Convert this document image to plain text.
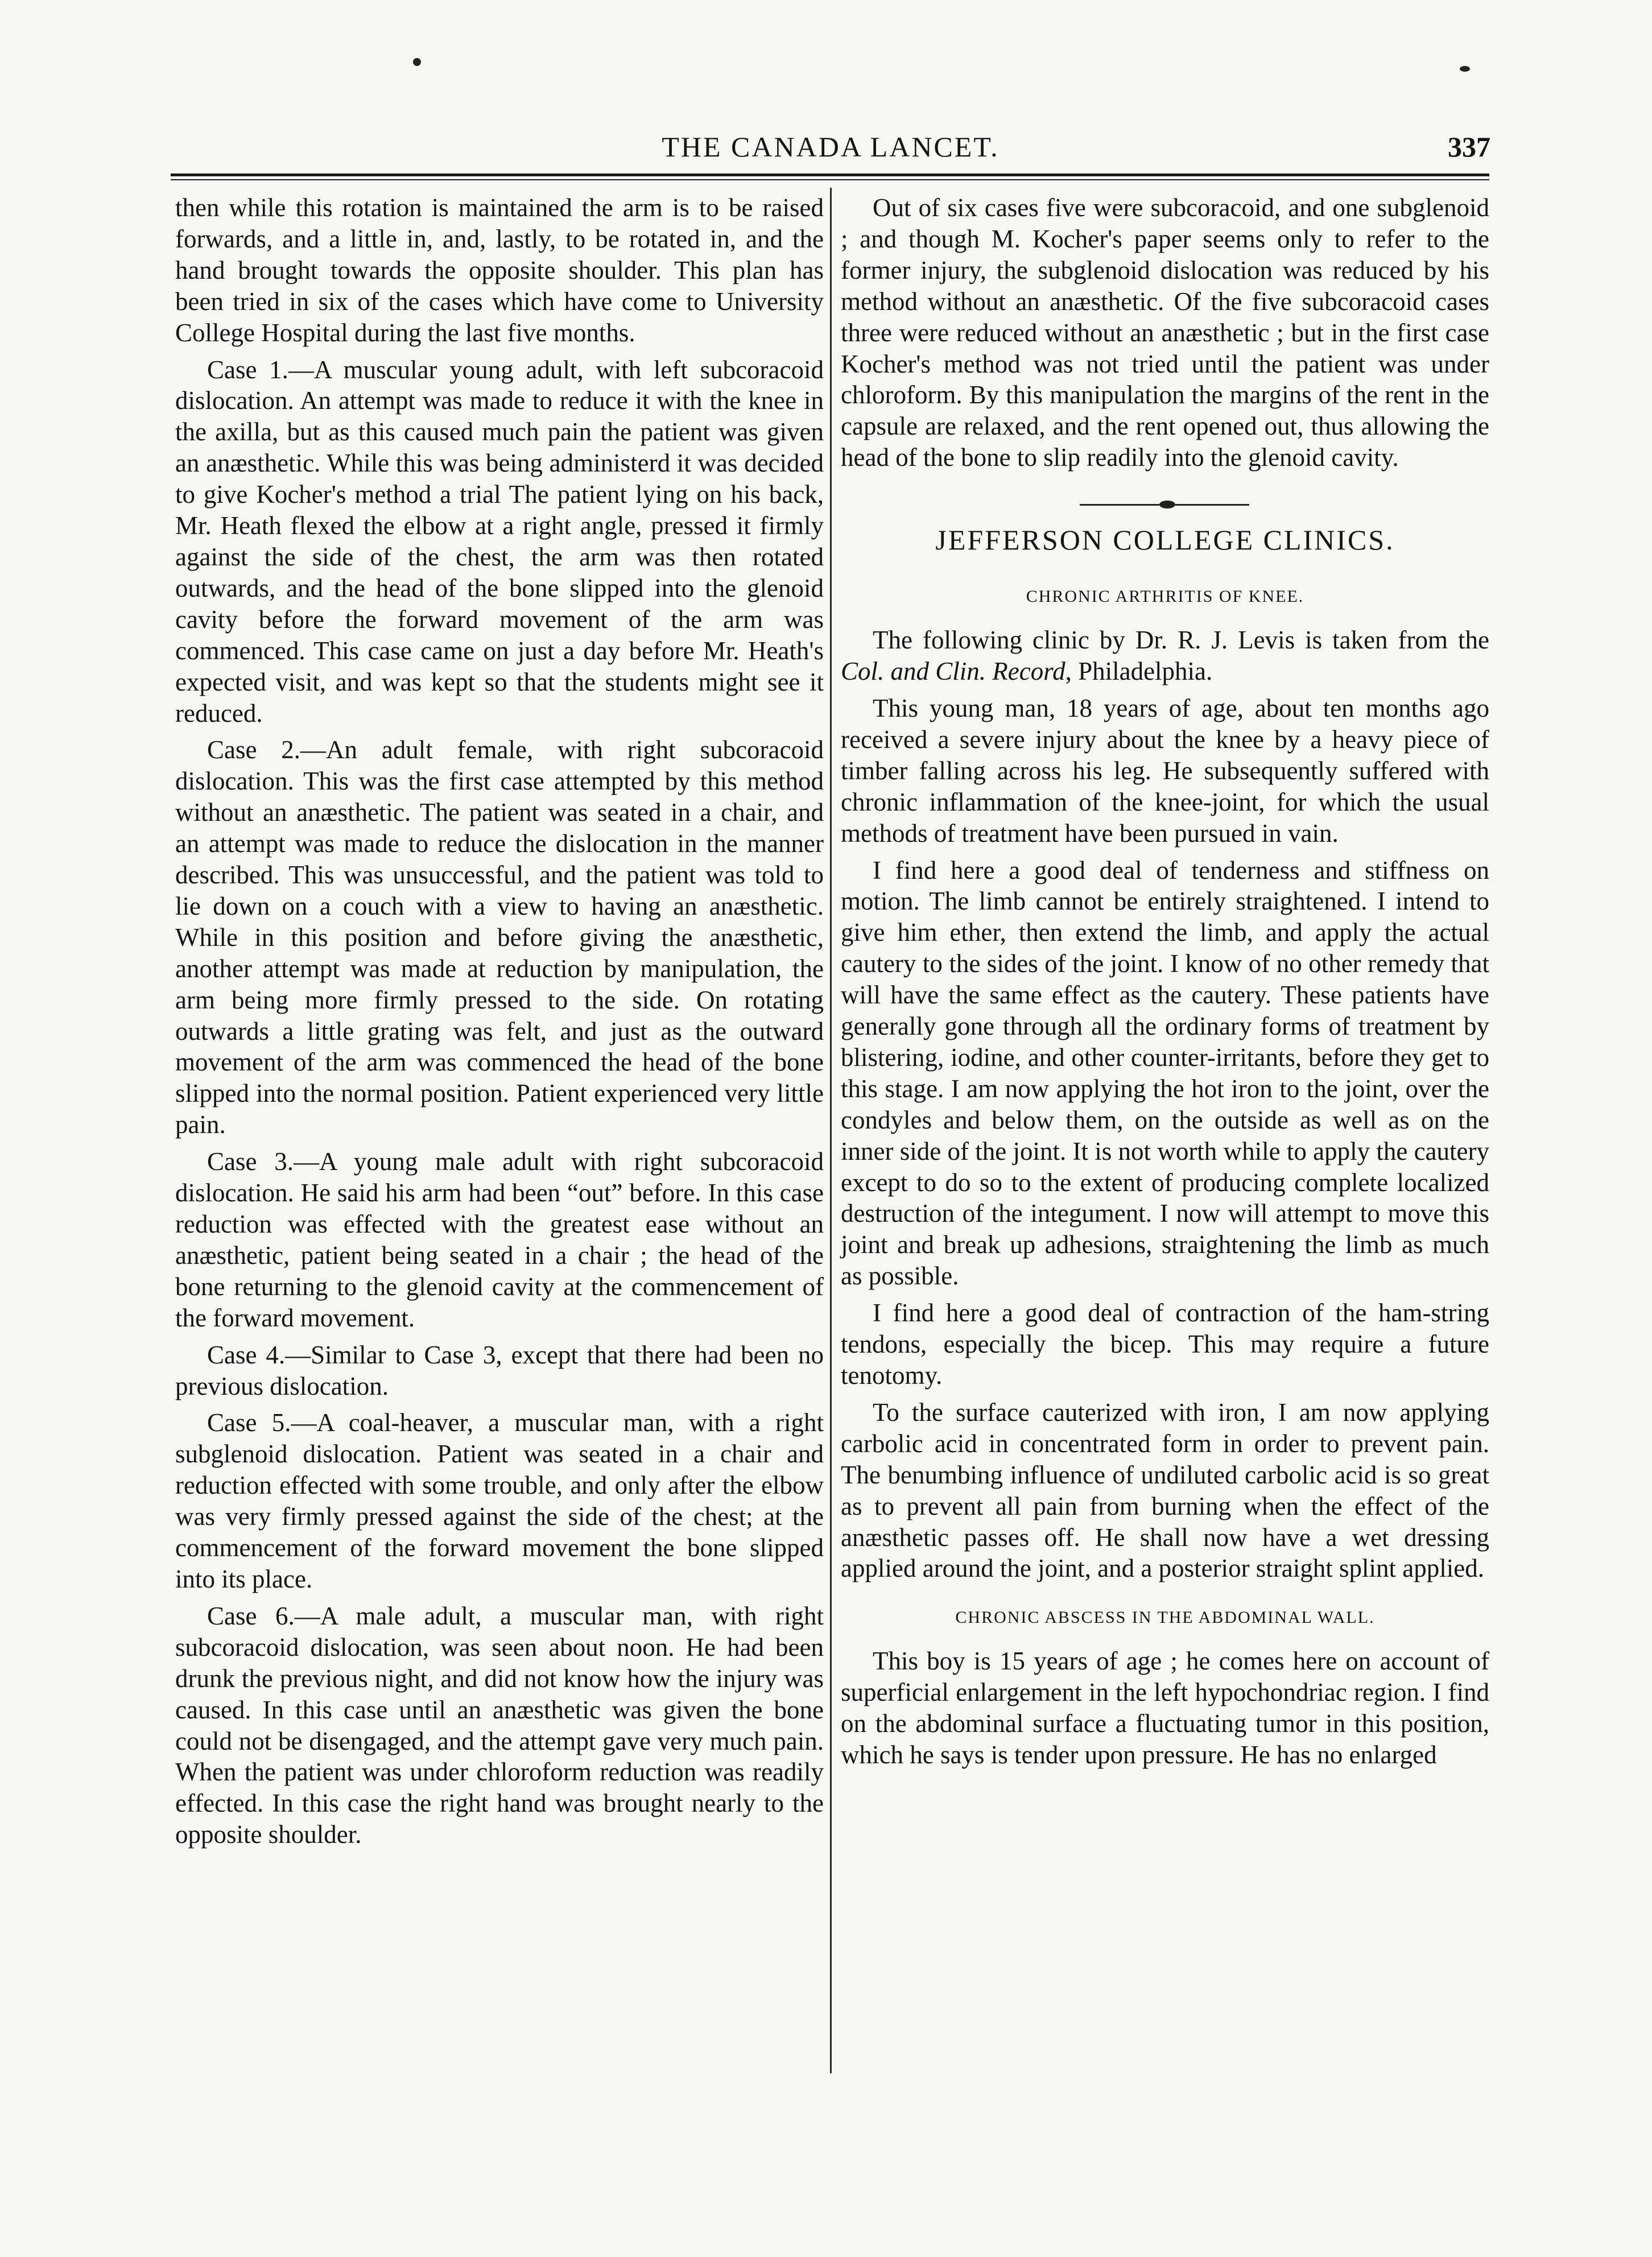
THE CANADA LANCET.	337

then while this rotation is maintained the arm is to be raised forwards, and a little in, and, lastly, to be rotated in, and the hand brought towards the opposite shoulder. This plan has been tried in six of the cases which have come to University College Hospital during the last five months.

Case 1.—A muscular young adult, with left subcoracoid dislocation. An attempt was made to reduce it with the knee in the axilla, but as this caused much pain the patient was given an anæsthetic. While this was being administerd it was decided to give Kocher's method a trial The patient lying on his back, Mr. Heath flexed the elbow at a right angle, pressed it firmly against the side of the chest, the arm was then rotated outwards, and the head of the bone slipped into the glenoid cavity before the forward movement of the arm was commenced. This case came on just a day before Mr. Heath's expected visit, and was kept so that the students might see it reduced.

Case 2.—An adult female, with right subcoracoid dislocation. This was the first case attempted by this method without an anæsthetic. The patient was seated in a chair, and an attempt was made to reduce the dislocation in the manner described. This was unsuccessful, and the patient was told to lie down on a couch with a view to having an anæsthetic. While in this position and before giving the anæsthetic, another attempt was made at reduction by manipulation, the arm being more firmly pressed to the side. On rotating outwards a little grating was felt, and just as the outward movement of the arm was commenced the head of the bone slipped into the normal position. Patient experienced very little pain.

Case 3.—A young male adult with right subcoracoid dislocation. He said his arm had been “out” before. In this case reduction was effected with the greatest ease without an anæsthetic, patient being seated in a chair ; the head of the bone returning to the glenoid cavity at the commencement of the forward movement.

Case 4.—Similar to Case 3, except that there had been no previous dislocation.

Case 5.—A coal-heaver, a muscular man, with a right subglenoid dislocation. Patient was seated in a chair and reduction effected with some trouble, and only after the elbow was very firmly pressed against the side of the chest; at the commencement of the forward movement the bone slipped into its place.

Case 6.—A male adult, a muscular man, with right subcoracoid dislocation, was seen about noon. He had been drunk the previous night, and did not know how the injury was caused. In this case until an anæsthetic was given the bone could not be disengaged, and the attempt gave very much pain. When the patient was under chloroform reduction was readily effected. In this case the right hand was brought nearly to the opposite shoulder.

Out of six cases five were subcoracoid, and one subglenoid ; and though M. Kocher's paper seems only to refer to the former injury, the subglenoid dislocation was reduced by his method without an anæsthetic. Of the five subcoracoid cases three were reduced without an anæsthetic ; but in the first case Kocher's method was not tried until the patient was under chloroform. By this manipulation the margins of the rent in the capsule are relaxed, and the rent opened out, thus allowing the head of the bone to slip readily into the glenoid cavity.

JEFFERSON COLLEGE CLINICS.
CHRONIC ARTHRITIS OF KNEE.

The following clinic by Dr. R. J. Levis is taken from the Col. and Clin. Record, Philadelphia.

This young man, 18 years of age, about ten months ago received a severe injury about the knee by a heavy piece of timber falling across his leg. He subsequently suffered with chronic inflammation of the knee-joint, for which the usual methods of treatment have been pursued in vain.

I find here a good deal of tenderness and stiffness on motion. The limb cannot be entirely straightened. I intend to give him ether, then extend the limb, and apply the actual cautery to the sides of the joint. I know of no other remedy that will have the same effect as the cautery. These patients have generally gone through all the ordinary forms of treatment by blistering, iodine, and other counter-irritants, before they get to this stage. I am now applying the hot iron to the joint, over the condyles and below them, on the outside as well as on the inner side of the joint. It is not worth while to apply the cautery except to do so to the extent of producing complete localized destruction of the integument. I now will attempt to move this joint and break up adhesions, straightening the limb as much as possible.

I find here a good deal of contraction of the ham-string tendons, especially the bicep. This may require a future tenotomy.

To the surface cauterized with iron, I am now applying carbolic acid in concentrated form in order to prevent pain. The benumbing influence of undiluted carbolic acid is so great as to prevent all pain from burning when the effect of the anæsthetic passes off. He shall now have a wet dressing applied around the joint, and a posterior straight splint applied.

CHRONIC ABSCESS IN THE ABDOMINAL WALL.

This boy is 15 years of age ; he comes here on account of superficial enlargement in the left hypochondriac region. I find on the abdominal surface a fluctuating tumor in this position, which he says is tender upon pressure. He has no enlarged
